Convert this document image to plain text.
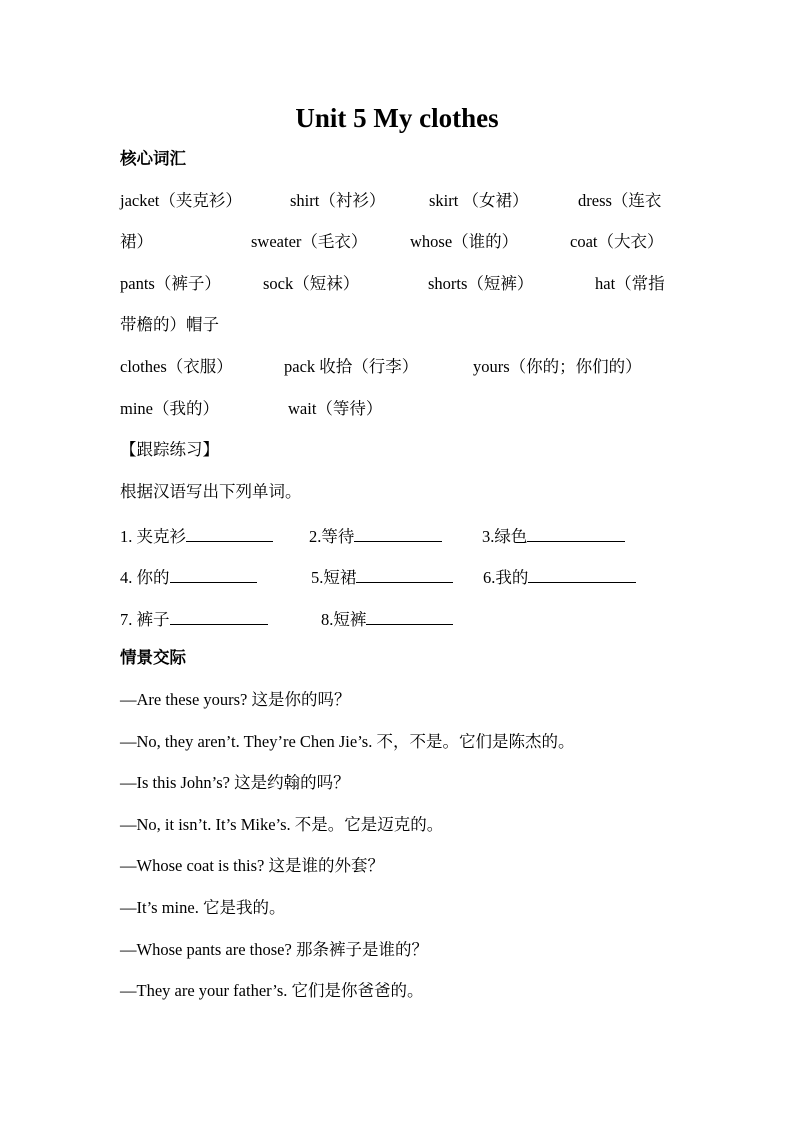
Unit 5 My clothes
核心词汇
jacket（夹克衫）	shirt（衬衫）	skirt （女裙）	dress（连衣
裙）	sweater（毛衣）	whose（谁的）	coat（大衣）
pants（裤子）	sock（短袜）	shorts（短裤）	hat（常指
带檐的）帽子
clothes（衣服）	pack 收拾（行李）	yours（你的；你们的）
mine（我的）	wait（等待）
【跟踪练习】
根据汉语写出下列单词。
1. 夹克衫	2.等待	3.绿色
4. 你的	5.短裙	6.我的
7. 裤子	8.短裤
情景交际
—Are these yours? 这是你的吗？
—No, they aren’t. They’re Chen Jie’s. 不，不是。它们是陈杰的。
—Is this John’s? 这是约翰的吗？
—No, it isn’t. It’s Mike’s. 不是。它是迈克的。
—Whose coat is this? 这是谁的外套？
—It’s mine. 它是我的。
—Whose pants are those? 那条裤子是谁的？
—They are your father’s. 它们是你爸爸的。
